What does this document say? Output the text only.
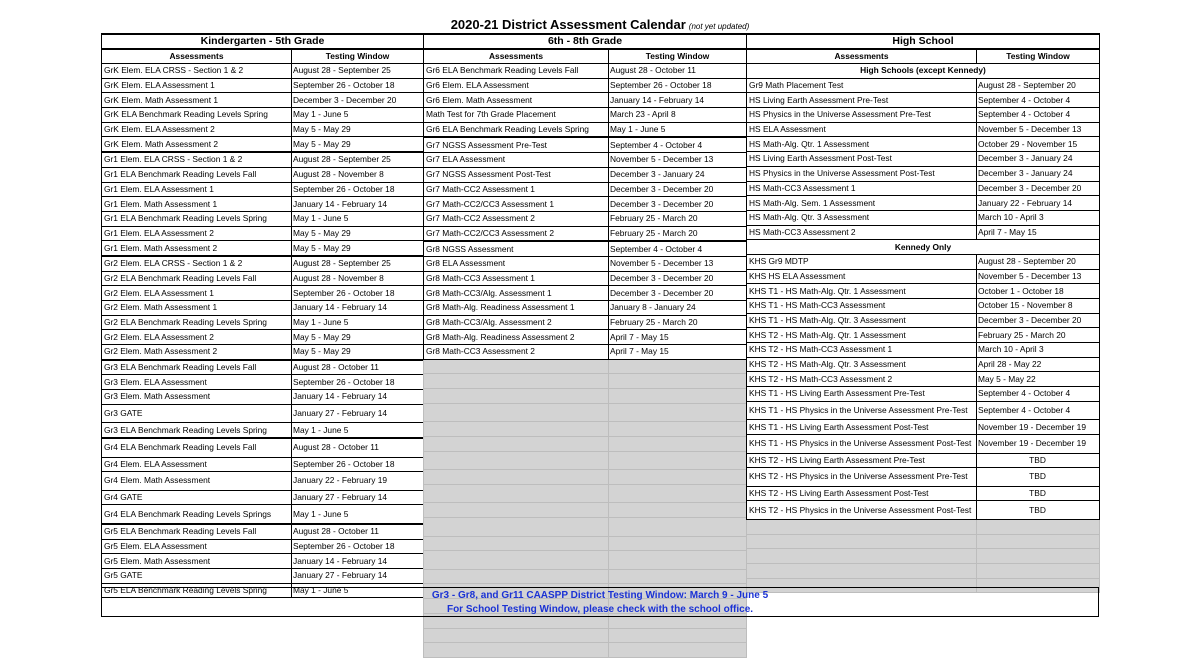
2020-21 District Assessment Calendar (not yet updated)
Kindergarten - 5th Grade	
Assessments	Testing Window
GrK Elem. ELA CRSS - Section 1 & 2	August 28 - September 25
GrK Elem. ELA Assessment 1	September 26 - October 18
GrK Elem. Math Assessment 1	December 3 - December 20
GrK ELA Benchmark Reading Levels Spring	May 1 - June 5
GrK Elem. ELA Assessment 2	May 5 - May 29
GrK Elem. Math Assessment 2	May 5 - May 29
Gr1 Elem. ELA CRSS - Section 1 & 2	August 28 - September 25
Gr1 ELA Benchmark Reading Levels Fall	August 28 - November 8
Gr1 Elem. ELA Assessment 1	September 26 - October 18
Gr1 Elem. Math Assessment 1	January 14 - February 14
Gr1 ELA Benchmark Reading Levels Spring	May 1 - June 5
Gr1 Elem. ELA Assessment 2	May 5 - May 29
Gr1 Elem. Math Assessment 2	May 5 - May 29
Gr2 Elem. ELA CRSS - Section 1 & 2	August 28 - September 25
Gr2 ELA Benchmark Reading Levels Fall	August 28 - November 8
Gr2 Elem. ELA Assessment 1	September 26 - October 18
Gr2 Elem. Math Assessment 1	January 14 - February 14
Gr2 ELA Benchmark Reading Levels Spring	May 1 - June 5
Gr2 Elem. ELA Assessment 2	May 5 - May 29
Gr2 Elem. Math Assessment 2	May 5 - May 29
Gr3 ELA Benchmark Reading Levels Fall	August 28 - October 11
Gr3 Elem. ELA Assessment	September 26 - October 18
Gr3 Elem. Math Assessment	January 14 - February 14
Gr3 GATE	January 27 - February 14
Gr3 ELA Benchmark Reading Levels Spring	May 1 - June 5
Gr4 ELA Benchmark Reading Levels Fall	August 28 - October 11
Gr4 Elem. ELA Assessment	September 26 - October 18
Gr4 Elem. Math Assessment	January 22 - February 19
Gr4 GATE	January 27 - February 14
Gr4 ELA Benchmark Reading Levels Springs	May 1 - June 5
Gr5 ELA Benchmark Reading Levels Fall	August 28 - October 11
Gr5 Elem. ELA Assessment	September 26 - October 18
Gr5 Elem. Math Assessment	January 14 - February 14
Gr5 GATE	January 27 - February 14
Gr5 ELA Benchmark Reading Levels Spring	May 1 - June 5
6th - 8th Grade	
Assessments	Testing Window
Gr6 ELA Benchmark Reading Levels Fall	August 28 - October 11
Gr6 Elem. ELA Assessment	September 26 - October 18
Gr6 Elem. Math Assessment	January 14 - February 14
Math Test for 7th Grade Placement	March 23 - April 8
Gr6 ELA Benchmark Reading Levels Spring	May 1 - June 5
Gr7 NGSS Assessment Pre-Test	September 4 - October 4
Gr7 ELA Assessment	November 5 - December 13
Gr7 NGSS Assessment Post-Test	December 3 - January 24
Gr7 Math-CC2 Assessment 1	December 3 - December 20
Gr7 Math-CC2/CC3 Assessment 1	December 3 - December 20
Gr7 Math-CC2 Assessment 2	February 25 - March 20
Gr7 Math-CC2/CC3 Assessment 2	February 25 - March 20
Gr8 NGSS Assessment	September 4 - October 4
Gr8 ELA Assessment	November 5 - December 13
Gr8 Math-CC3 Assessment 1	December 3 - December 20
Gr8 Math-CC3/Alg. Assessment 1	December 3 - December 20
Gr8 Math-Alg. Readiness Assessment 1	January 8 - January 24
Gr8 Math-CC3/Alg. Assessment 2	February 25 - March 20
Gr8 Math-Alg. Readiness Assessment 2	April 7 - May 15
Gr8 Math-CC3 Assessment 2	April 7 - May 15

High School	
Assessments	Testing Window
High Schools (except Kennedy)	
Gr9 Math Placement Test	August 28 - September 20
HS Living Earth Assessment Pre-Test	September 4 - October 4
HS Physics in the Universe Assessment Pre-Test	September 4 - October 4
HS ELA Assessment	November 5 - December 13
HS Math-Alg. Qtr. 1 Assessment	October 29 - November 15
HS Living Earth Assessment Post-Test	December 3 - January 24
HS Physics in the Universe Assessment Post-Test	December 3 - January 24
HS Math-CC3 Assessment 1	December 3 - December 20
HS Math-Alg. Sem. 1 Assessment	January 22 - February 14
HS Math-Alg. Qtr. 3 Assessment	March 10 - April 3
HS Math-CC3 Assessment 2	April 7 - May 15
Kennedy Only	
KHS Gr9 MDTP	August 28 - September 20
KHS HS ELA Assessment	November 5 - December 13
KHS T1 - HS Math-Alg. Qtr. 1 Assessment	October 1 - October 18
KHS T1 - HS Math-CC3 Assessment	October 15 - November 8
KHS T1 - HS Math-Alg. Qtr. 3 Assessment	December 3 - December 20
KHS T2 - HS Math-Alg. Qtr. 1 Assessment	February 25 - March 20
KHS T2 - HS Math-CC3 Assessment 1	March 10 - April 3
KHS T2 - HS Math-Alg. Qtr. 3 Assessment	April 28 - May 22
KHS T2 - HS Math-CC3 Assessment 2	May 5 - May 22
KHS T1 - HS Living Earth Assessment Pre-Test	September 4 - October 4
KHS T1 - HS Physics in the Universe Assessment Pre-Test	September 4 - October 4
KHS T1 - HS Living Earth Assessment Post-Test	November 19 - December 19
KHS T1 - HS Physics in the Universe Assessment Post-Test	November 19 - December 19
KHS T2 - HS Living Earth Assessment Pre-Test	TBD
KHS T2 - HS Physics in the Universe Assessment Pre-Test	TBD
KHS T2 - HS Living Earth Assessment Post-Test	TBD
KHS T2 - HS Physics in the Universe Assessment Post-Test	TBD

Gr3 - Gr8, and Gr11 CAASPP District Testing Window: March 9 - June 5
For School Testing Window, please check with the school office.
